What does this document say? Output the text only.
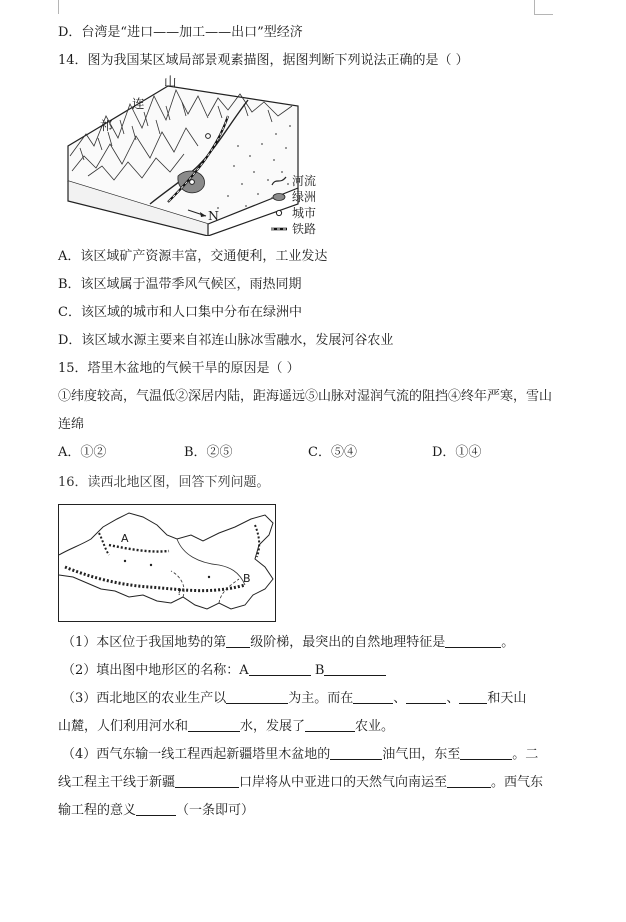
D．台湾是“进口——加工——出口”型经济
14．图为我国某区域局部景观素描图，据图判断下列说法正确的是（ ）
山
连
祁
N
河流
绿洲
城市
铁路
A．该区域矿产资源丰富，交通便利，工业发达
B．该区域属于温带季风气候区，雨热同期
C．该区域的城市和人口集中分布在绿洲中
D．该区域水源主要来自祁连山脉冰雪融水，发展河谷农业
15．塔里木盆地的气候干旱的原因是（ ）
①纬度较高，气温低②深居内陆，距海遥远⑤山脉对湿润气流的阻挡④终年严寒，雪山
连绵
A．①②	B．②⑤	C．⑤④	D．①④
16．读西北地区图，回答下列问题。
?
A
B
（1）本区位于我国地势的第 级阶梯，最突出的自然地理特征是	。
（2）填出图中地形区的名称：A	B
（3）西北地区的农业生产以	为主。而在	、	、 和天山
山麓，人们利用河水和	水，发展了	农业。
（4）西气东输一线工程西起新疆塔里木盆地的	油气田，东至	。二
线工程主干线于新疆	口岸将从中亚进口的天然气向南运至	。西气东
输工程的意义	（一条即可）
